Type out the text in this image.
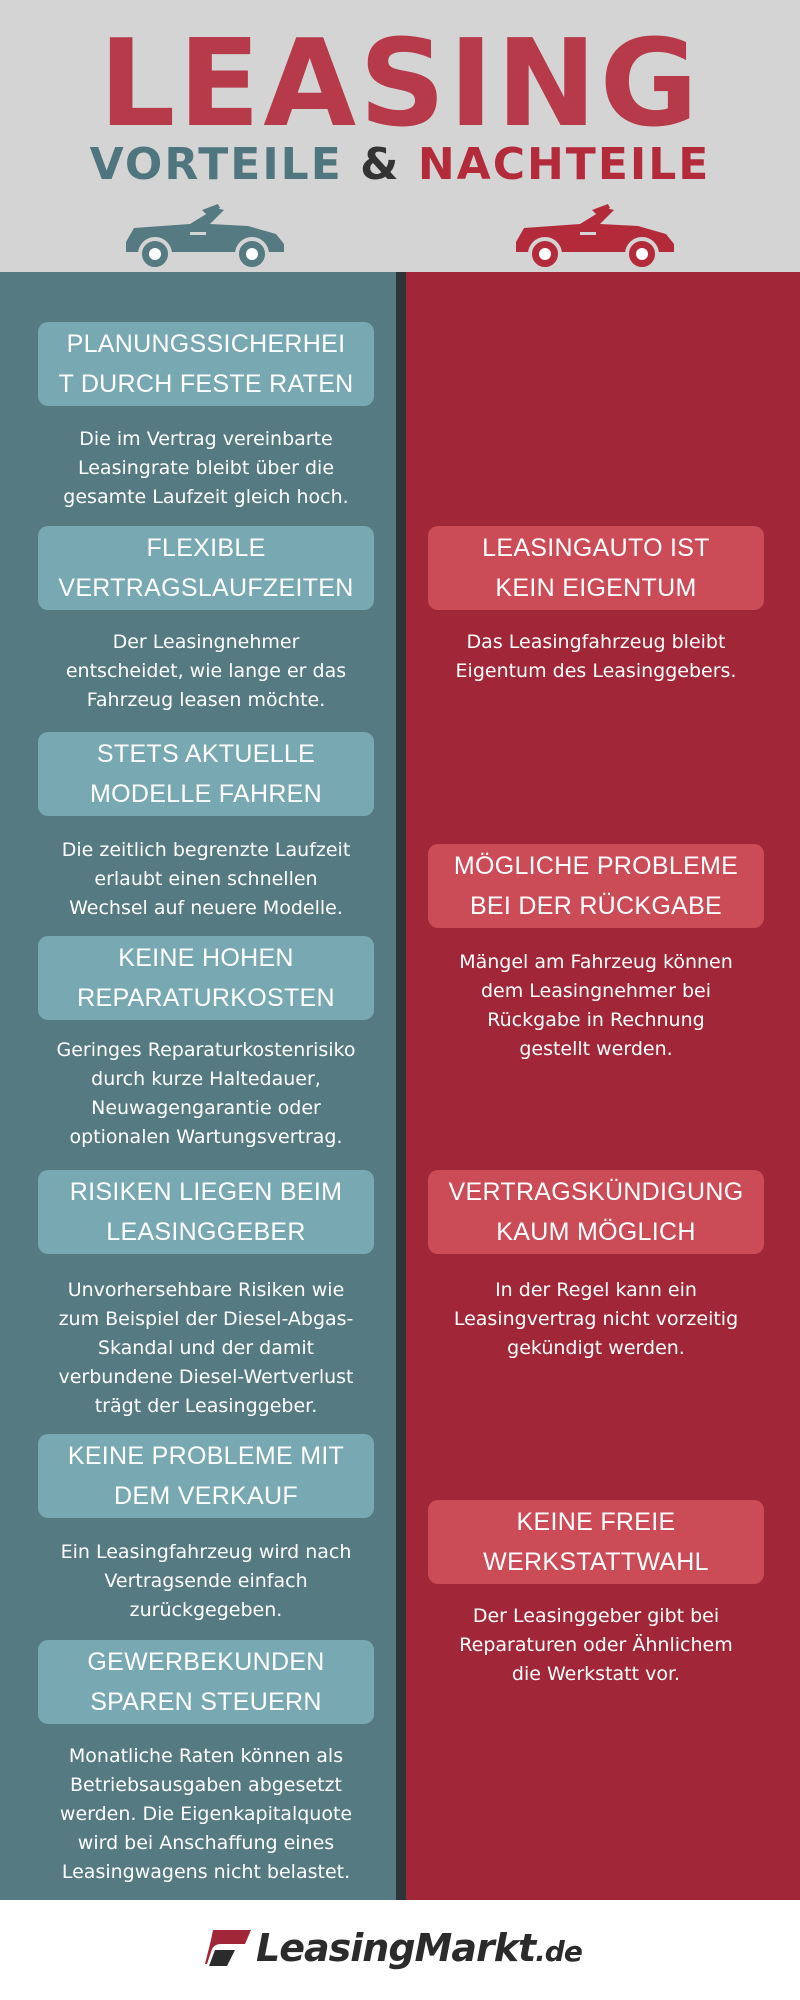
LEASING
VORTEILE & NACHTEILE
PLANUNGSSICHERHEI
T DURCH FESTE RATEN
Die im Vertrag vereinbarte
Leasingrate bleibt über die
gesamte Laufzeit gleich hoch.
FLEXIBLE
VERTRAGSLAUFZEITEN
Der Leasingnehmer
entscheidet, wie lange er das
Fahrzeug leasen möchte.
STETS AKTUELLE
MODELLE FAHREN
Die zeitlich begrenzte Laufzeit
erlaubt einen schnellen
Wechsel auf neuere Modelle.
KEINE HOHEN
REPARATURKOSTEN
Geringes Reparaturkostenrisiko
durch kurze Haltedauer,
Neuwagengarantie oder
optionalen Wartungsvertrag.
RISIKEN LIEGEN BEIM
LEASINGGEBER
Unvorhersehbare Risiken wie
zum Beispiel der Diesel-Abgas-
Skandal und der damit
verbundene Diesel-Wertverlust
trägt der Leasinggeber.
KEINE PROBLEME MIT
DEM VERKAUF
Ein Leasingfahrzeug wird nach
Vertragsende einfach
zurückgegeben.
GEWERBEKUNDEN
SPAREN STEUERN
Monatliche Raten können als
Betriebsausgaben abgesetzt
werden. Die Eigenkapitalquote
wird bei Anschaffung eines
Leasingwagens nicht belastet.
LEASINGAUTO IST
KEIN EIGENTUM
Das Leasingfahrzeug bleibt
Eigentum des Leasinggebers.
MÖGLICHE PROBLEME
BEI DER RÜCKGABE
Mängel am Fahrzeug können
dem Leasingnehmer bei
Rückgabe in Rechnung
gestellt werden.
VERTRAGSKÜNDIGUNG
KAUM MÖGLICH
In der Regel kann ein
Leasingvertrag nicht vorzeitig
gekündigt werden.
KEINE FREIE
WERKSTATTWAHL
Der Leasinggeber gibt bei
Reparaturen oder Ähnlichem
die Werkstatt vor.
LeasingMarkt.de
